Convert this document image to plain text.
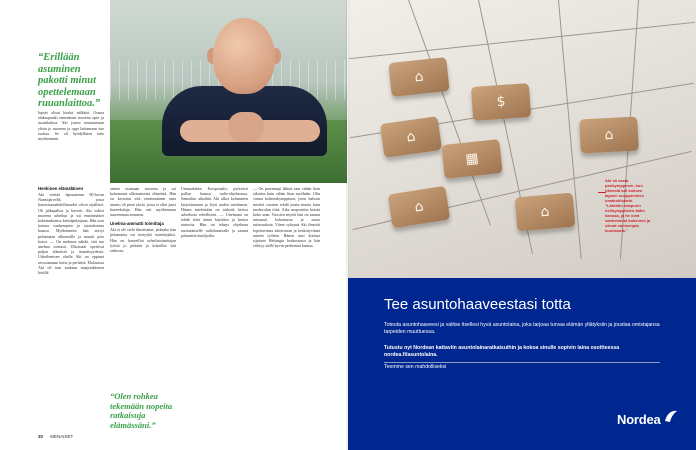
“Erillään asuminen pakotti minut opettelemaan ruuanlaittoa.”
Iupset olivat koulut nälkäisi. Osasta alakaupunki ennenkuin nuorena opin ja ruoanlaittoa. Aki joutui muuttamaan yksin jo nuorena ja oppi laittamaan itse ruokaa. Se oli hyödyllinen taito myöhemmin.
Henkinen elämäläinen
Aki viettää lapsuutensa 80-luvun Nurmijärvellä, jossa harrastusmahdollisuudet olivat rajalliset. Oli jalkapalloa ja kaverit. Aki valitsi nuorena urheilun ja sai ensimmäiset kokemuksensa kenttäpelaajana. Hän asui kotona vanhempien ja sisaruksensa kanssa. Myöhemmin hän siirtyi pelaamaan ulkomaille ja muutti pois kotoa. — On mahtava nähdä, että tuo unelma toteutui. Ulkomaat opettivat paljon elämästä ja itsenäisyydestä. Urheilemisen ohella Aki on oppinut arvostamaan kotia ja perhettä. Elokuussa Aki oli taas mukana maajoukkueen leirillä.
onnen asumaan nuorena ja sai kokemusta ulkomaisesta elämästä. Hän on kertonut että ensimmäinen oma asunto oli pieni yksiö, jossa ei ollut juuri huonekaluja. Hän osti myöhemmin suuremman asunnon.
Unelma-ammatti toimittaja
Aki ei ole vielä ilmoittanut, jatkaako hän pelaamista vai siirtyykö toimittajaksi. Hän on haaveillut urheilutoimittajan työstä jo pitkään ja kokeillut sitä radiossa.
Unnasalahen Keripotaalio pyöreästi pallon kanssa radio-ohjelmassa. Samoihin aikoihin Aki alkoi kolumnien kirjoittamisen ja löysi uuden intohimon. Hänen mielestään on tärkeää kertoa urheilusta rehellisesti. — Unelmani on tehdä töitä ääntä käyttäen ja kertoa tarinoita. Hän on tehnyt ohjelmaa suomalaiselle radiokanavalle ja saanut palautetta kuulijoilta.
— On paremmpi lähteä aina vähän liian aikaisin kuin vähän liian myöhään. Olin varma kolmenkymppinen, joten halusin miettiä vuosien tehdä jotain muuta kuin media-alan töitä. Aika mopoattiin kestää koko uran. Vuosien myötä hän on saanut runsaasti kokemusta ja uusia tuttavuuksia. Viime syksynä Aki ilmoitti lopettavansa aktiiviuran ja keskittyvänsä uuteen työhön. Hänen uusi kotinsa sijaitsee Helsingin keskustassa ja hän viihtyy siellä hyvin perheensä kanssa.
“Olen rohkea tekemään nopeita ratkaisuja elämässäni.”
30 MENAISET
⌂
$
⌂
⌂
▦
⌂
⌂
Aki oli vasta parikymppinen, kun hänestä tuli kolmen lapsen uuspperheen omakotiisäntä. “Lähtöön naapurin neliöymppisten äidin kanssa, ja he ovat vanhemmat kokeneet ja olevat vanhempia kunnasmä.”
Tee asuntohaaveestasi totta
Toteuta asuntohaaveesi ja valitse itsellesi hyvä asuntolaina, joka tarjoaa turvaa elämän yllätyksiin ja joustaa omistajansa tarpeiden muuttuessa.
Tutustu nyt Nordean kattaviin asuntolainaratkaisuihin ja kokoa sinulle sopivin laina osoitteessa nordea.fi/asuntolaina.
Teemme sen mahdolliseksi
Nordea
